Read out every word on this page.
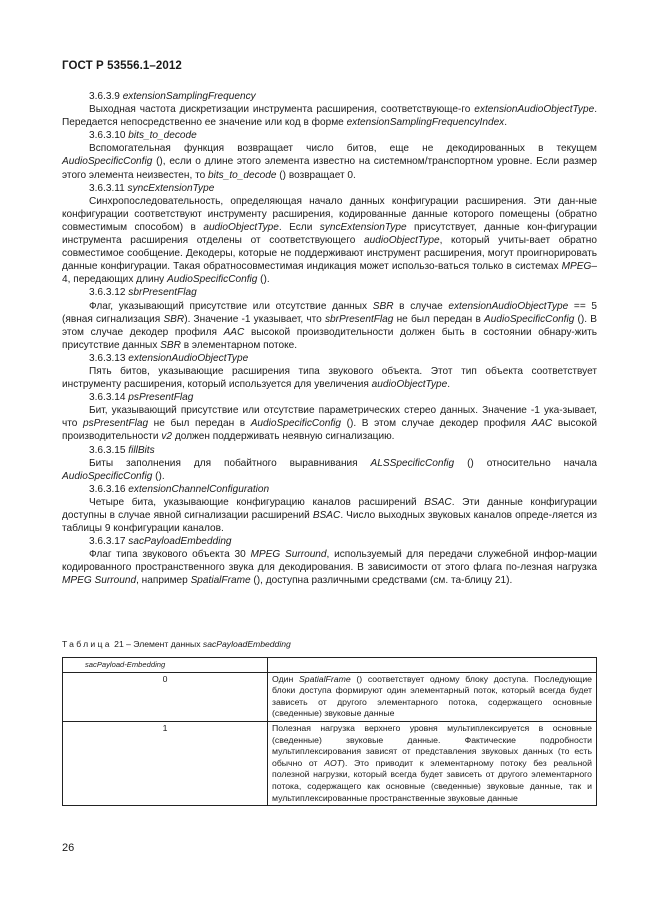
ГОСТ Р 53556.1–2012

3.6.3.9 extensionSamplingFrequency

Выходная частота дискретизации инструмента расширения, соответствующе-го extensionAudioObjectType. Передается непосредственно ее значение или код в форме extensionSamplingFrequencyIndex.

3.6.3.10 bits_to_decode

Вспомогательная функция возвращает число битов, еще не декодированных в текущем AudioSpecificConfig (), если о длине этого элемента известно на системном/транспортном уровне. Если размер этого элемента неизвестен, то bits_to_decode () возвращает 0.

3.6.3.11 syncExtensionType

Синхропоследовательность, определяющая начало данных конфигурации расширения. Эти дан-ные конфигурации соответствуют инструменту расширения, кодированные данные которого помещены (обратно совместимым способом) в audioObjectType. Если syncExtensionType присутствует, данные кон-фигурации инструмента расширения отделены от соответствующего audioObjectType, который учиты-вает обратно совместимое сообщение. Декодеры, которые не поддерживают инструмент расширения, могут проигнорировать данные конфигурации. Такая обратносовместимая индикация может использо-ваться только в системах MPEG–4, передающих длину AudioSpecificConfig ().

3.6.3.12 sbrPresentFlag

Флаг, указывающий присутствие или отсутствие данных SBR в случае extensionAudioObjectType == 5 (явная сигнализация SBR). Значение -1 указывает, что sbrPresentFlag не был передан в AudioSpecificConfig (). В этом случае декодер профиля AAC высокой производительности должен быть в состоянии обнару-жить присутствие данных SBR в элементарном потоке.

3.6.3.13 extensionAudioObjectType

Пять битов, указывающие расширения типа звукового объекта. Этот тип объекта соответствует инструменту расширения, который используется для увеличения audioObjectType.

3.6.3.14 psPresentFlag

Бит, указывающий присутствие или отсутствие параметрических стерео данных. Значение -1 ука-зывает, что psPresentFlag не был передан в AudioSpecificConfig (). В этом случае декодер профиля AAC высокой производительности v2 должен поддерживать неявную сигнализацию.

3.6.3.15 fillBits

Биты заполнения для побайтного выравнивания ALSSpecificConfig () относительно начала AudioSpecificConfig ().

3.6.3.16 extensionChannelConfiguration

Четыре бита, указывающие конфигурацию каналов расширений BSAC. Эти данные конфигурации доступны в случае явной сигнализации расширений BSAC. Число выходных звуковых каналов опреде-ляется из таблицы 9 конфигурации каналов.

3.6.3.17 sacPayloadEmbedding

Флаг типа звукового объекта 30 MPEG Surround, используемый для передачи служебной инфор-мации кодированного пространственного звука для декодирования. В зависимости от этого флага по-лезная нагрузка MPEG Surround, например SpatialFrame (), доступна различными средствами (см. та-блицу 21).

Таблица 21 – Элемент данных sacPayloadEmbedding
sacPayload-Embedding	
0	Один SpatialFrame () соответствует одному блоку доступа. Последующие блоки доступа формируют один элементарный поток, который всегда будет зависеть от другого элементарного потока, содержащего основные (сведенные) звуковые данные
1	Полезная нагрузка верхнего уровня мультиплексируется в основные (сведенные) звуковые данные. Фактические подробности мультиплексирования зависят от представления звуковых данных (то есть обычно от AOT). Это приводит к элементарному потоку без реальной полезной нагрузки, который всегда будет зависеть от другого элементарного потока, содержащего как основные (сведенные) звуковые данные, так и мультиплексированные пространственные звуковые данные
26
